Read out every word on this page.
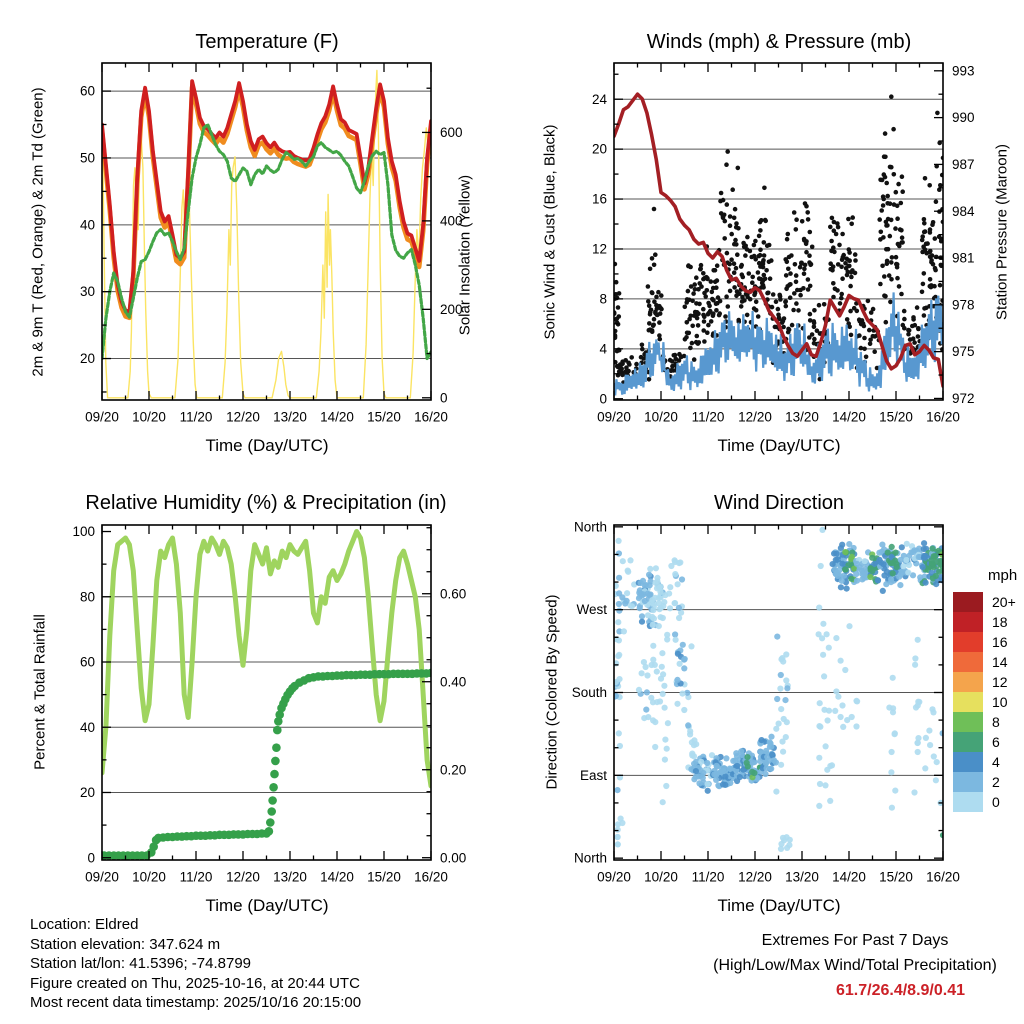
09/20 10/20 11/20 12/20 13/20 14/20 15/20 16/20
20
30
40
50
60
0
200
400
600
09/20 10/20 11/20 12/20 13/20 14/20 15/20 16/20
0
4
8
12
16
20
24
972
975
978
981
984
987
990
993
09/20 10/20 11/20 12/20 13/20 14/20 15/20 16/20
0
20
40
60
80
100
0.00
0.20
0.40
0.60
09/20 10/20 11/20 12/20 13/20 14/20 15/20 16/20
North
East
South
West
North
Temperature (F)	Winds (mph) & Pressure (mb)
Relative Humidity (%) & Precipitation (in)	Wind Direction
Time (Day/UTC)	Time (Day/UTC)
Time (Day/UTC)	Time (Day/UTC)
2m & 9m T (Red, Orange) & 2m Td (Green)	Solar Insolation (Yellow)	Sonic Wind & Gust (Blue, Black)	Station Pressure (Maroon)
Percent & Total Rainfall	Direction (Colored By Speed)
mph
20+
18
16
14
12
10
8
6
4
2
0
Location: Eldred
Station elevation: 347.624 m
Station lat/lon: 41.5396; -74.8799
Figure created on Thu, 2025-10-16, at 20:44 UTC
Most recent data timestamp: 2025/10/16 20:15:00
Extremes For Past 7 Days
(High/Low/Max Wind/Total Precipitation)
61.7/26.4/8.9/0.41
